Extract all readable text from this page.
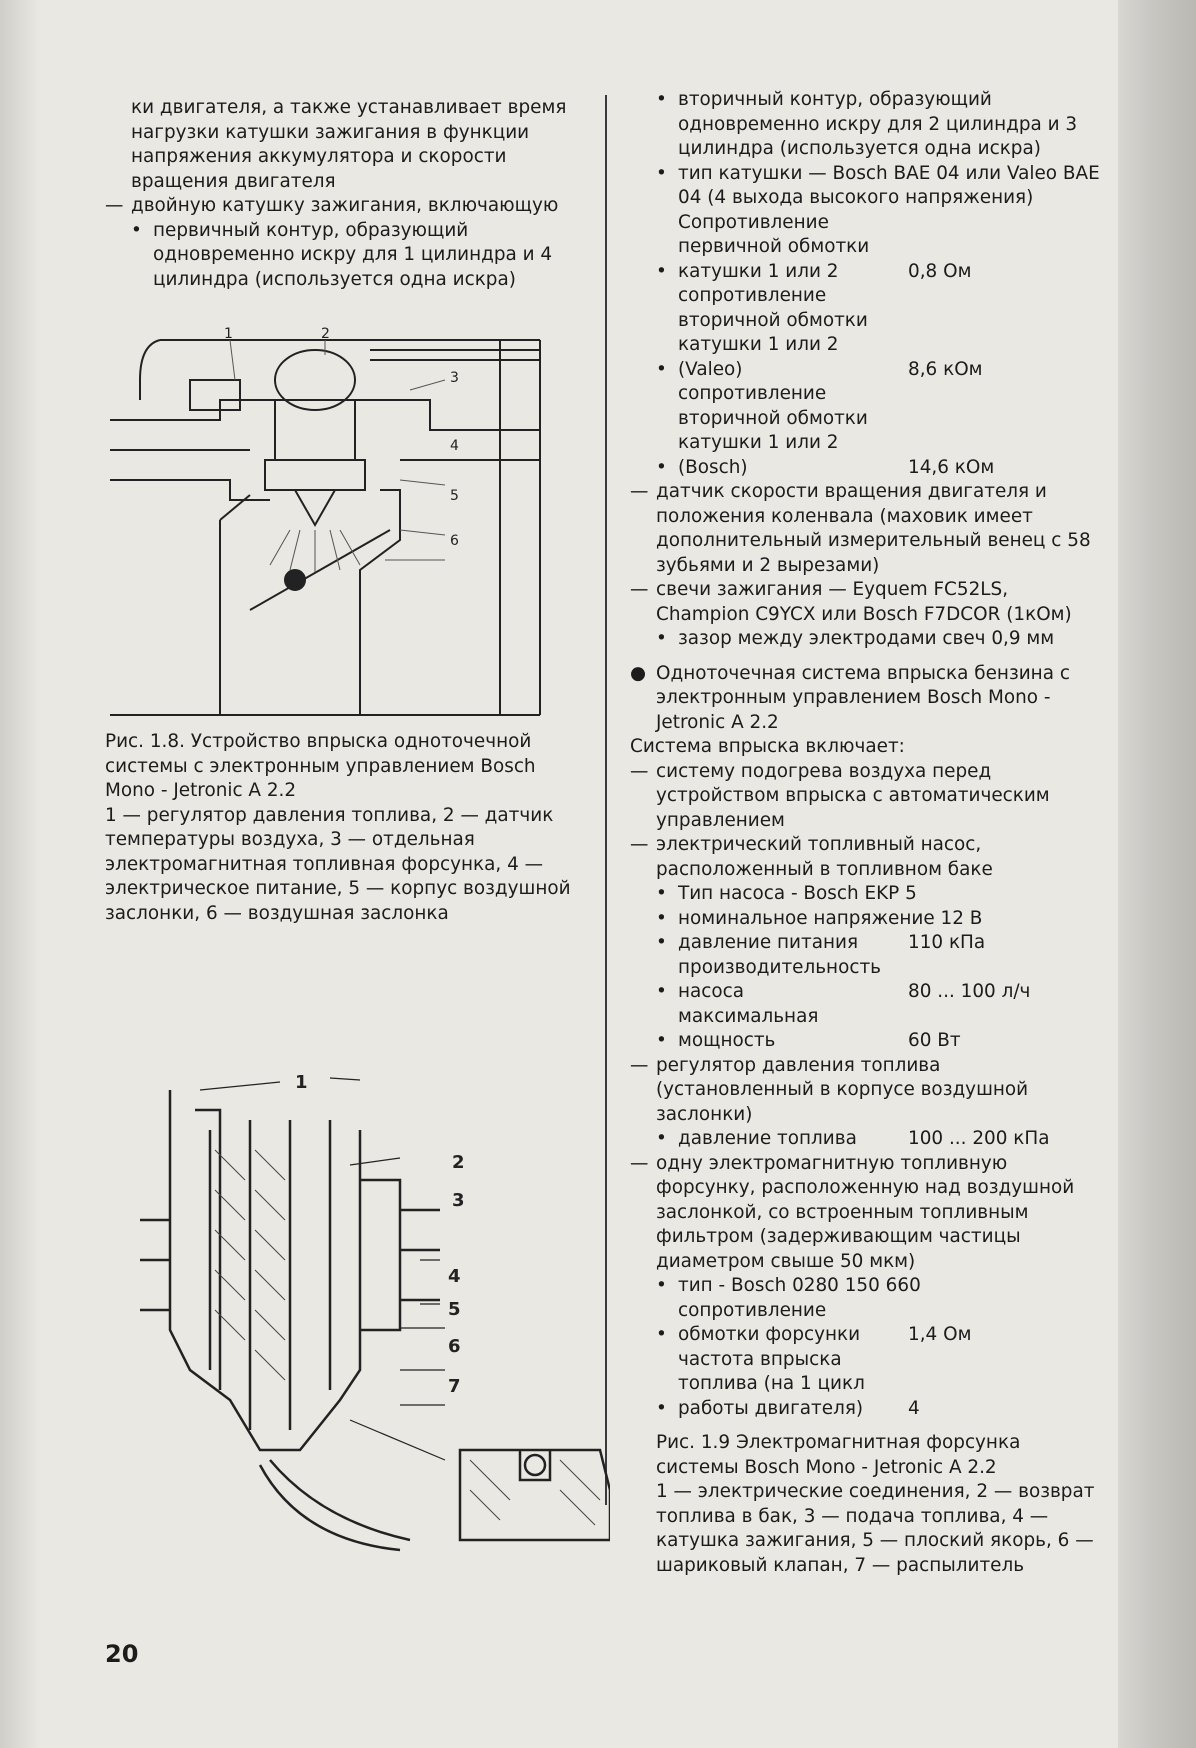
ки двигателя, а также устанавливает время нагрузки катушки зажигания в функции напряжения аккумулятора и скорости вращения двигателя

— двойную катушку зажигания, включающую
• первичный контур, образующий одновременно искру для 1 цилиндра и 4 цилиндра (используется одна искра)
1	2
3
4
5
6

Рис. 1.8. Устройство впрыска одноточечной системы с электронным управлением Bosch Mono - Jetronic A 2.2

1 — регулятор давления топлива, 2 — датчик температуры воздуха, 3 — отдельная электромагнитная топливная форсунка, 4 — электрическое питание, 5 — корпус воздушной заслонки, 6 — воздушная заслонка

1
2
3
4
5
6
7
• вторичный контур, образующий одновременно искру для 2 цилиндра и 3 цилиндра (используется одна искра)
• тип катушки — Bosch BAE 04 или Valeo BAE 04 (4 выхода высокого напряжения)
•
Сопротивление первичной обмотки катушки 1 или 2	0,8 Ом
•
сопротивление вторичной обмотки катушки 1 или 2 (Valeo)	8,6 кОм
•
сопротивление вторичной обмотки катушки 1 или 2 (Bosch)	14,6 кОм
— датчик скорости вращения двигателя и положения коленвала (маховик имеет дополнительный измерительный венец с 58 зубьями и 2 вырезами)
— свечи зажигания — Eyquem FC52LS, Champion C9YCX или Bosch F7DCOR (1кОм)
• зазор между электродами свеч 0,9 мм
● Одноточечная система впрыска бензина с электронным управлением Bosch Mono - Jetronic A 2.2

Система впрыска включает:

— систему подогрева воздуха перед устройством впрыска с автоматическим управлением
— электрический топливный насос, расположенный в топливном баке
• Тип насоса - Bosch EKP 5
• номинальное напряжение 12 В
• давление питания	110 кПа
•
производительность насоса	80 ... 100 л/ч
•
максимальная мощность	60 Вт
— регулятор давления топлива (установленный в корпусе воздушной заслонки)
• давление топлива	100 ... 200 кПа
— одну электромагнитную топливную форсунку, расположенную над воздушной заслонкой, со встроенным топливным фильтром (задерживающим частицы диаметром свыше 50 мкм)
• тип - Bosch 0280 150 660
•
сопротивление обмотки форсунки	1,4 Ом
•
частота впрыска топлива (на 1 цикл работы двигателя)	4

Рис. 1.9 Электромагнитная форсунка системы Bosch Mono - Jetronic A 2.2

1 — электрические соединения, 2 — возврат топлива в бак, 3 — подача топлива, 4 — катушка зажигания, 5 — плоский якорь, 6 — шариковый клапан, 7 — распылитель

20
